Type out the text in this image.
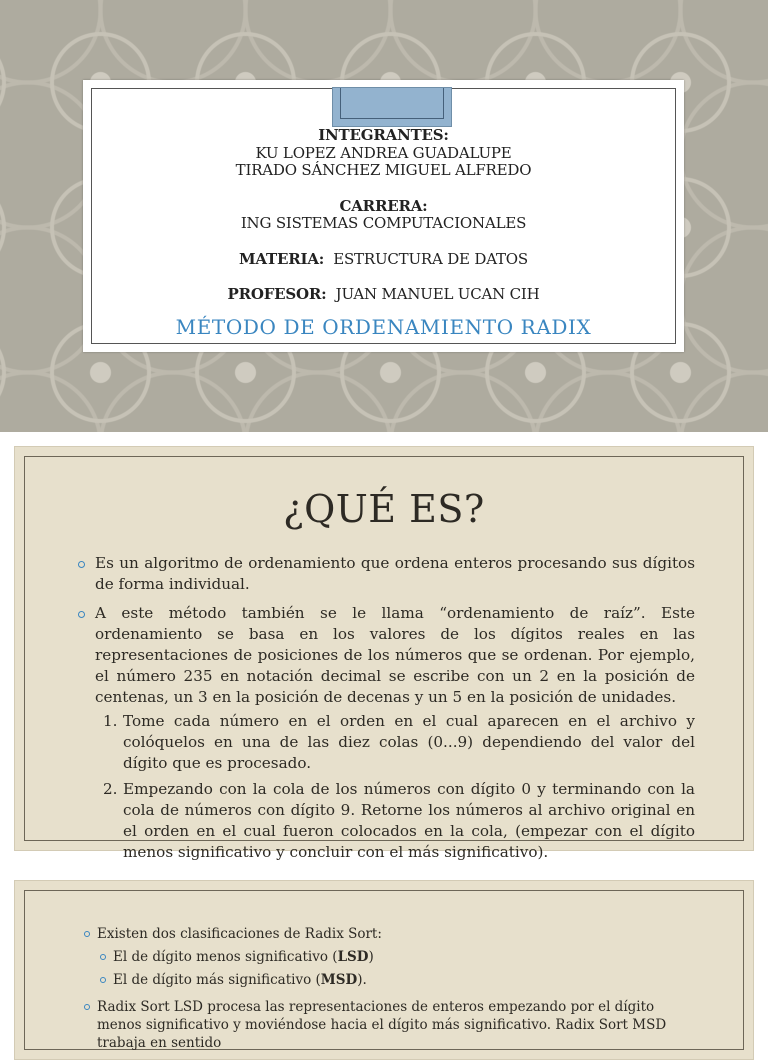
INTEGRANTES:
KU LOPEZ ANDREA GUADALUPE
TIRADO SÁNCHEZ MIGUEL ALFREDO
CARRERA:
ING SISTEMAS COMPUTACIONALES
MATERIA: ESTRUCTURA DE DATOS
PROFESOR: JUAN MANUEL UCAN CIH
MÉTODO DE ORDENAMIENTO RADIX
¿QUÉ ES?
Es un algoritmo de ordenamiento que ordena enteros procesando sus dígitos de forma individual.
A este método también se le llama “ordenamiento de raíz”. Este ordenamiento se basa en los valores de los dígitos reales en las representaciones de posiciones de los números que se ordenan. Por ejemplo, el número 235 en notación decimal se escribe con un 2 en la posición de centenas, un 3 en la posición de decenas y un 5 en la posición de unidades.
1. Tome cada número en el orden en el cual aparecen en el archivo y colóquelos en una de las diez colas (0...9) dependiendo del valor del dígito que es procesado.
2. Empezando con la cola de los números con dígito 0 y terminando con la cola de números con dígito 9. Retorne los números al archivo original en el orden en el cual fueron colocados en la cola, (empezar con el dígito menos significativo y concluir con el más significativo).
Existen dos clasificaciones de Radix Sort:
El de dígito menos significativo (LSD)
El de dígito más significativo (MSD).
Radix Sort LSD procesa las representaciones de enteros empezando por el dígito menos significativo y moviéndose hacia el dígito más significativo. Radix Sort MSD trabaja en sentido
